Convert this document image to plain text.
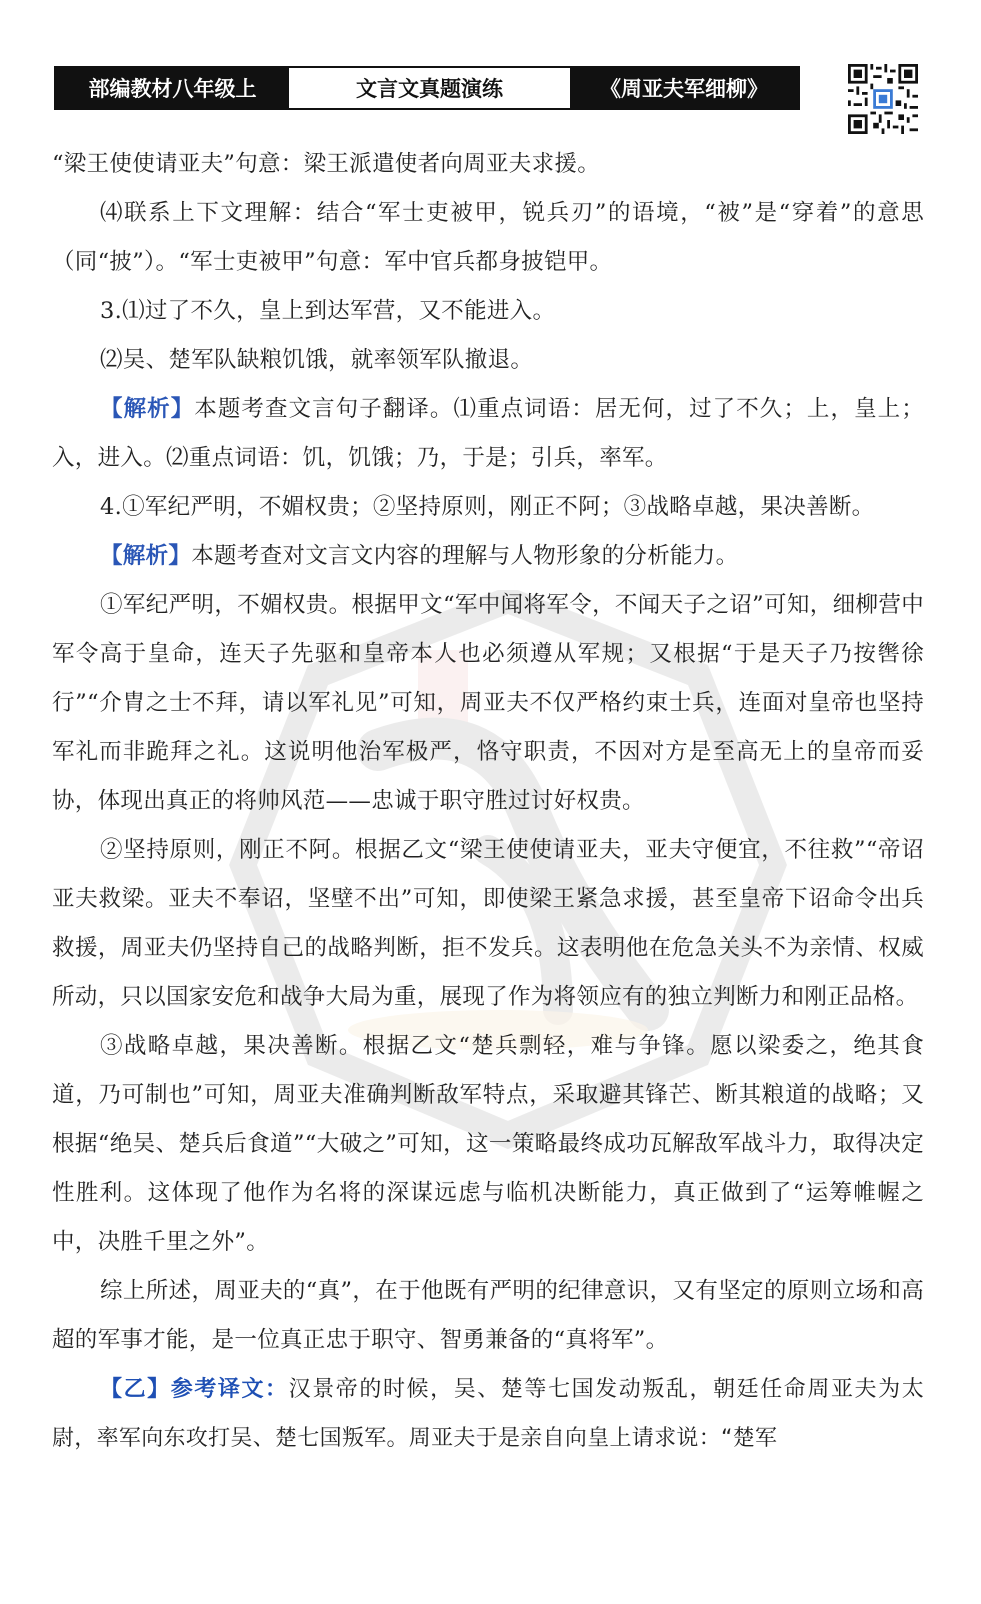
部编教材八年级上	文言文真题演练	《周亚夫军细柳》

“梁王使使请亚夫”句意：梁王派遣使者向周亚夫求援。

⑷联系上下文理解：结合“军士吏被甲，锐兵刃”的语境，“被”是“穿着”的意思（同“披”）。“军士吏被甲”句意：军中官兵都身披铠甲。

3.⑴过了不久，皇上到达军营，又不能进入。

⑵吴、楚军队缺粮饥饿，就率领军队撤退。

【解析】本题考查文言句子翻译。⑴重点词语：居无何，过了不久；上，皇上；入，进入。⑵重点词语：饥，饥饿；乃，于是；引兵，率军。

4.①军纪严明，不媚权贵；②坚持原则，刚正不阿；③战略卓越，果决善断。

【解析】本题考查对文言文内容的理解与人物形象的分析能力。

①军纪严明，不媚权贵。根据甲文“军中闻将军令，不闻天子之诏”可知，细柳营中军令高于皇命，连天子先驱和皇帝本人也必须遵从军规；又根据“于是天子乃按辔徐行”“介胄之士不拜，请以军礼见”可知，周亚夫不仅严格约束士兵，连面对皇帝也坚持军礼而非跪拜之礼。这说明他治军极严，恪守职责，不因对方是至高无上的皇帝而妥协，体现出真正的将帅风范——忠诚于职守胜过讨好权贵。

②坚持原则，刚正不阿。根据乙文“梁王使使请亚夫，亚夫守便宜，不往救”“帝诏亚夫救梁。亚夫不奉诏，坚壁不出”可知，即使梁王紧急求援，甚至皇帝下诏命令出兵救援，周亚夫仍坚持自己的战略判断，拒不发兵。这表明他在危急关头不为亲情、权威所动，只以国家安危和战争大局为重，展现了作为将领应有的独立判断力和刚正品格。

③战略卓越，果决善断。根据乙文“楚兵剽轻，难与争锋。愿以梁委之，绝其食道，乃可制也”可知，周亚夫准确判断敌军特点，采取避其锋芒、断其粮道的战略；又根据“绝吴、楚兵后食道”“大破之”可知，这一策略最终成功瓦解敌军战斗力，取得决定性胜利。这体现了他作为名将的深谋远虑与临机决断能力，真正做到了“运筹帷幄之中，决胜千里之外”。

综上所述，周亚夫的“真”，在于他既有严明的纪律意识，又有坚定的原则立场和高超的军事才能，是一位真正忠于职守、智勇兼备的“真将军”。

【乙】参考译文：汉景帝的时候，吴、楚等七国发动叛乱，朝廷任命周亚夫为太尉，率军向东攻打吴、楚七国叛军。周亚夫于是亲自向皇上请求说：“楚军
